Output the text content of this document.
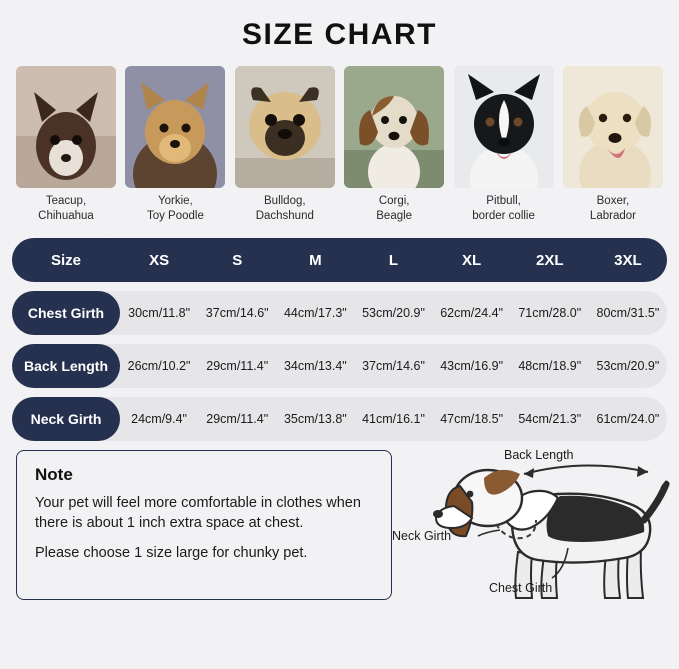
SIZE CHART
Teacup,
Chihuahua
Yorkie,
Toy Poodle
Bulldog,
Dachshund
Corgi,
Beagle
Pitbull,
border collie
Boxer,
Labrador
Size	XS	S	M	L	XL	2XL	3XL
Chest Girth	30cm/11.8"	37cm/14.6"	44cm/17.3"	53cm/20.9"	62cm/24.4"	71cm/28.0"	80cm/31.5"
Back Length	26cm/10.2"	29cm/11.4"	34cm/13.4"	37cm/14.6"	43cm/16.9"	48cm/18.9"	53cm/20.9"
Neck Girth	24cm/9.4"	29cm/11.4"	35cm/13.8"	41cm/16.1"	47cm/18.5"	54cm/21.3"	61cm/24.0"
Note

Your pet will feel more comfortable in clothes when there is about 1 inch extra space at chest.

Please choose 1 size large for chunky pet.

Back Length
Neck Girth
Chest Girth
